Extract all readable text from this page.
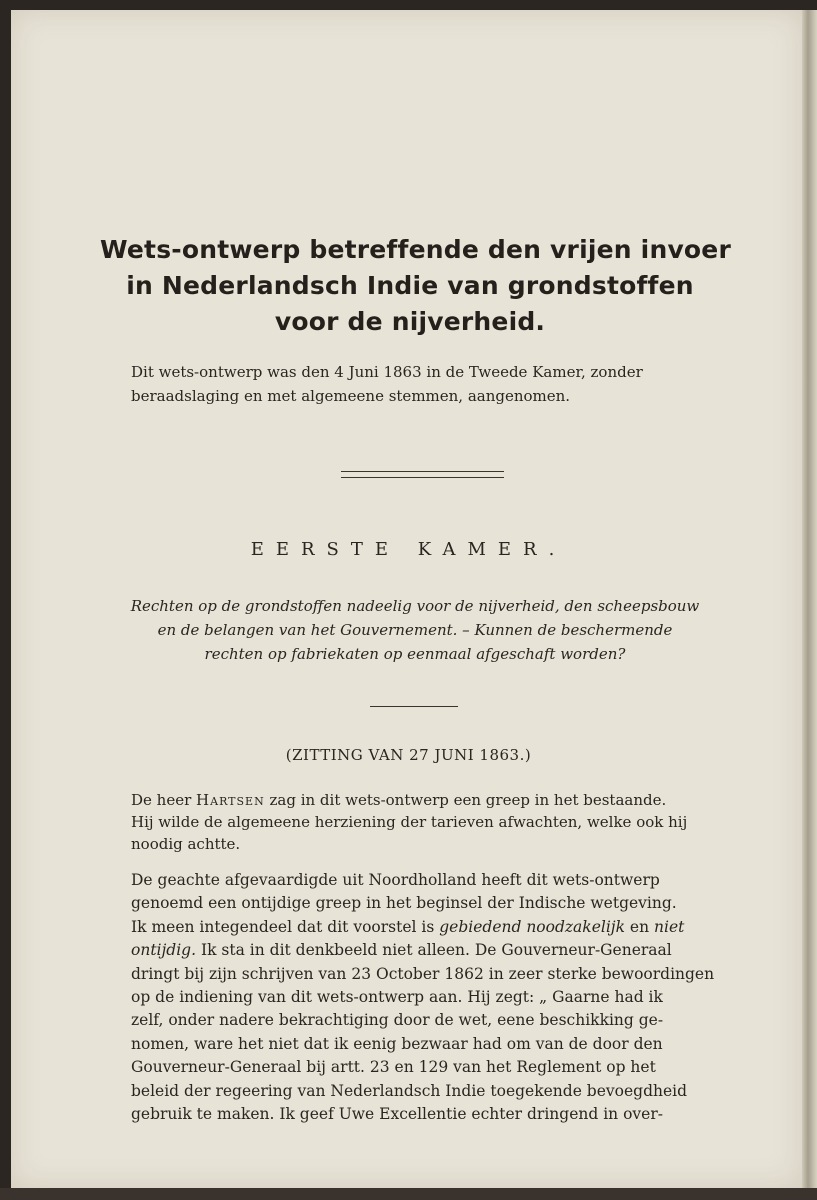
Wets-ontwerp betreffende den vrijen invoer
in Nederlandsch Indie van grondstoffen
voor de nijverheid.
Dit wets-ontwerp was den 4 Juni 1863 in de Tweede Kamer, zonder
beraadslaging en met algemeene stemmen, aangenomen.
EERSTE KAMER.
Rechten op de grondstoffen nadeelig voor de nijverheid, den scheepsbouw
en de belangen van het Gouvernement. – Kunnen de beschermende
rechten op fabriekaten op eenmaal afgeschaft worden?
(ZITTING VAN 27 JUNI 1863.)
De heer Hartsen zag in dit wets-ontwerp een greep in het bestaande.
Hij wilde de algemeene herziening der tarieven afwachten, welke ook hij
noodig achtte.
De geachte afgevaardigde uit Noordholland heeft dit wets-ontwerp
genoemd een ontijdige greep in het beginsel der Indische wetgeving.
Ik meen integendeel dat dit voorstel is gebiedend noodzakelijk en niet
ontijdig. Ik sta in dit denkbeeld niet alleen. De Gouverneur-Generaal
dringt bij zijn schrijven van 23 October 1862 in zeer sterke bewoordingen
op de indiening van dit wets-ontwerp aan. Hij zegt: „ Gaarne had ik
zelf, onder nadere bekrachtiging door de wet, eene beschikking ge-
nomen, ware het niet dat ik eenig bezwaar had om van de door den
Gouverneur-Generaal bij artt. 23 en 129 van het Reglement op het
beleid der regeering van Nederlandsch Indie toegekende bevoegdheid
gebruik te maken. Ik geef Uwe Excellentie echter dringend in over-
